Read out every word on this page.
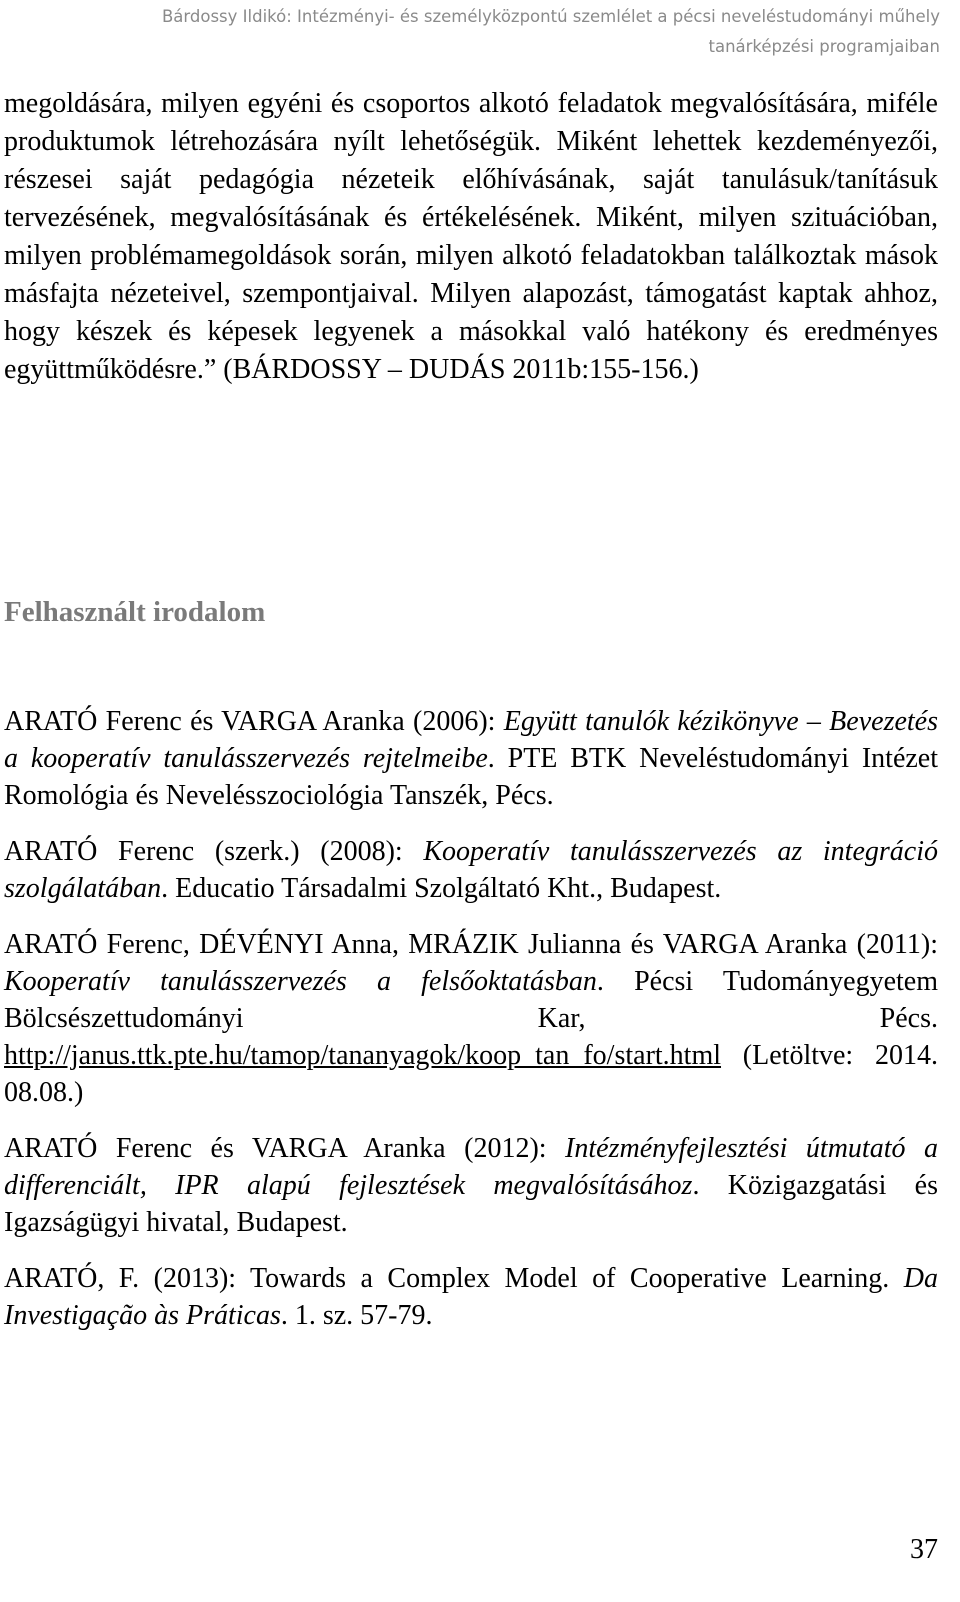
Bárdossy Ildikó: Intézményi- és személyközpontú szemlélet a pécsi neveléstudományi műhely
tanárképzési programjaiban

megoldására, milyen egyéni és csoportos alkotó feladatok megvalósítására, miféle produktumok létrehozására nyílt lehetőségük. Miként lehettek kezdeményezői, részesei saját pedagógia nézeteik előhívásának, saját tanulásuk/tanításuk tervezésének, megvalósításának és értékelésének. Miként, milyen szituációban, milyen problémamegoldások során, milyen alkotó feladatokban találkoztak mások másfajta nézeteivel, szempontjaival. Milyen alapozást, támogatást kaptak ahhoz, hogy készek és képesek legyenek a másokkal való hatékony és eredményes együttműködésre.” (BÁRDOSSY – DUDÁS 2011b:155-156.)

Felhasznált irodalom

ARATÓ Ferenc és VARGA Aranka (2006): Együtt tanulók kézikönyve – Bevezetés a kooperatív tanulásszervezés rejtelmeibe. PTE BTK Neveléstudományi Intézet Romológia és Nevelésszociológia Tanszék, Pécs.

ARATÓ Ferenc (szerk.) (2008): Kooperatív tanulásszervezés az integráció szolgálatában. Educatio Társadalmi Szolgáltató Kht., Budapest.

ARATÓ Ferenc, DÉVÉNYI Anna, MRÁZIK Julianna és VARGA Aranka (2011): Kooperatív tanulásszervezés a felsőoktatásban. Pécsi Tudományegyetem Bölcsészettudományi Kar, Pécs. http://janus.ttk.pte.hu/tamop/tananyagok/koop_tan_fo/start.html (Letöltve: 2014. 08.08.)

ARATÓ Ferenc és VARGA Aranka (2012): Intézményfejlesztési útmutató a differenciált, IPR alapú fejlesztések megvalósításához. Közigazgatási és Igazságügyi hivatal, Budapest.

ARATÓ, F. (2013): Towards a Complex Model of Cooperative Learning. Da Investigação às Práticas. 1. sz. 57-79.

37
